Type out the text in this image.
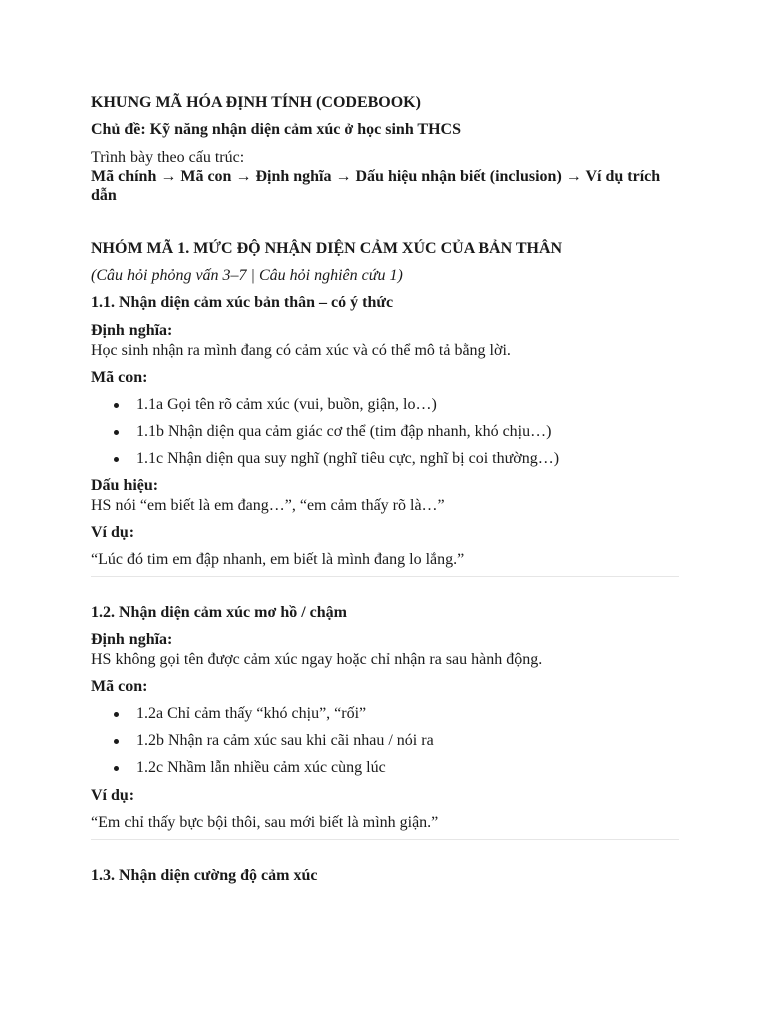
KHUNG MÃ HÓA ĐỊNH TÍNH (CODEBOOK)
Chủ đề: Kỹ năng nhận diện cảm xúc ở học sinh THCS
Trình bày theo cấu trúc:
Mã chính → Mã con → Định nghĩa → Dấu hiệu nhận biết (inclusion) → Ví dụ trích dẫn
NHÓM MÃ 1. MỨC ĐỘ NHẬN DIỆN CẢM XÚC CỦA BẢN THÂN
(Câu hỏi phỏng vấn 3–7 | Câu hỏi nghiên cứu 1)
1.1. Nhận diện cảm xúc bản thân – có ý thức
Định nghĩa:
Học sinh nhận ra mình đang có cảm xúc và có thể mô tả bằng lời.
Mã con:
1.1a Gọi tên rõ cảm xúc (vui, buồn, giận, lo…)
1.1b Nhận diện qua cảm giác cơ thể (tim đập nhanh, khó chịu…)
1.1c Nhận diện qua suy nghĩ (nghĩ tiêu cực, nghĩ bị coi thường…)
Dấu hiệu:
HS nói “em biết là em đang…”, “em cảm thấy rõ là…”
Ví dụ:
“Lúc đó tim em đập nhanh, em biết là mình đang lo lắng.”
1.2. Nhận diện cảm xúc mơ hồ / chậm
Định nghĩa:
HS không gọi tên được cảm xúc ngay hoặc chỉ nhận ra sau hành động.
Mã con:
1.2a Chỉ cảm thấy “khó chịu”, “rối”
1.2b Nhận ra cảm xúc sau khi cãi nhau / nói ra
1.2c Nhầm lẫn nhiều cảm xúc cùng lúc
Ví dụ:
“Em chỉ thấy bực bội thôi, sau mới biết là mình giận.”
1.3. Nhận diện cường độ cảm xúc
